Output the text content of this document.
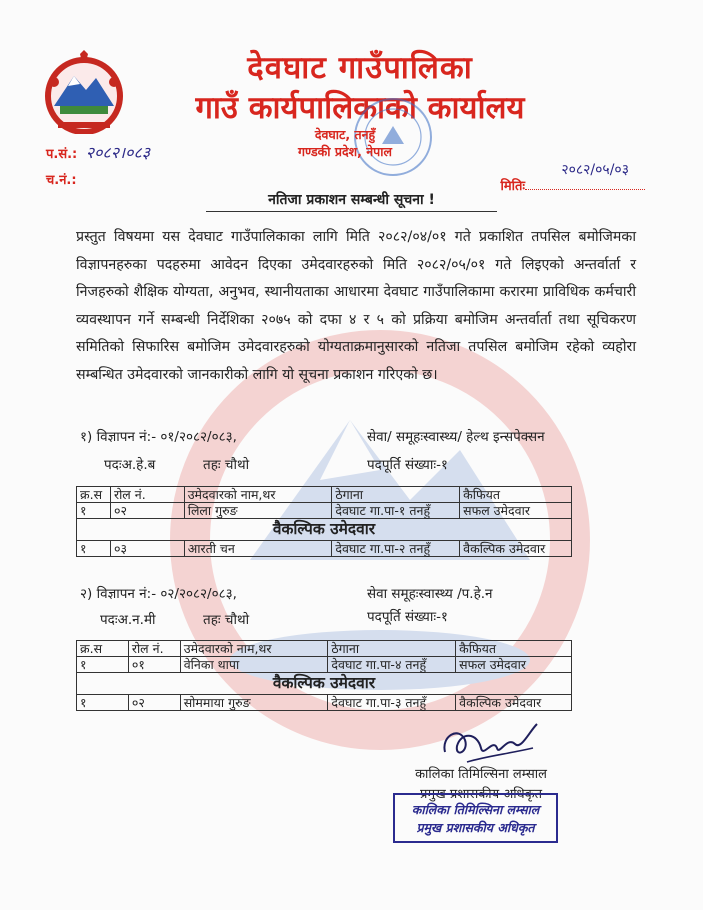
देवघाट गाउँपालिका
गाउँ कार्यपालिकाको कार्यालय
देवघाट, तनहुँ
गण्डकी प्रदेश, नेपाल
प.सं.: २०८२।०८३
च.नं.:
२०८२/०५/०३
मितिः
नतिजा प्रकाशन सम्बन्धी सूचना !
प्रस्तुत विषयमा यस देवघाट गाउँपालिकाका लागि मिति २०८२/०४/०१ गते प्रकाशित तपसिल बमोजिमका विज्ञापनहरुका पदहरुमा आवेदन दिएका उमेदवारहरुको मिति २०८२/०५/०१ गते लिइएको अन्तर्वार्ता र निजहरुको शैक्षिक योग्यता, अनुभव, स्थानीयताका आधारमा देवघाट गाउँपालिकामा करारमा प्राविधिक कर्मचारी व्यवस्थापन गर्ने सम्बन्धी निर्देशिका २०७५ को दफा ४ र ५ को प्रक्रिया बमोजिम अन्तर्वार्ता तथा सूचिकरण समितिको सिफारिस बमोजिम उमेदवारहरुको योग्यताक्रमानुसारको नतिजा तपसिल बमोजिम रहेको व्यहोरा सम्बन्धित उमेदवारको जानकारीको लागि यो सूचना प्रकाशन गरिएको छ।
१) विज्ञापन नं:- ०१/२०८२/०८३,	सेवा/ समूहःस्वास्थ्य/ हेल्थ इन्सपेक्सन
पदःअ.हे.ब	तहः चौथो	पदपूर्ति संख्याः-१
क्र.स	रोल नं.	उमेदवारको नाम,थर	ठेगाना	कैफियत
१	०२	लिला गुरुङ	देवघाट गा.पा-१ तनहुँ	सफल उमेदवार
वैकल्पिक उमेदवार				
१	०३	आरती चन	देवघाट गा.पा-२ तनहुँ	वैकल्पिक उमेदवार
२) विज्ञापन नं:- ०२/२०८२/०८३,	सेवा समूहःस्वास्थ्य /प.हे.न
पदःअ.न.मी	तहः चौथो	पदपूर्ति संख्याः-१
क्र.स	रोल नं.	उमेदवारको नाम,थर	ठेगाना	कैफियत
१	०१	वेनिका थापा	देवघाट गा.पा-४ तनहुँ	सफल उमेदवार
वैकल्पिक उमेदवार				
१	०२	सोममाया गुरुङ	देवघाट गा.पा-३ तनहुँ	वैकल्पिक उमेदवार
कालिका तिमिल्सिना लम्साल
प्रमुख प्रशासकीय अधिकृत
कालिका तिमिल्सिना लम्साल
प्रमुख प्रशासकीय अधिकृत
